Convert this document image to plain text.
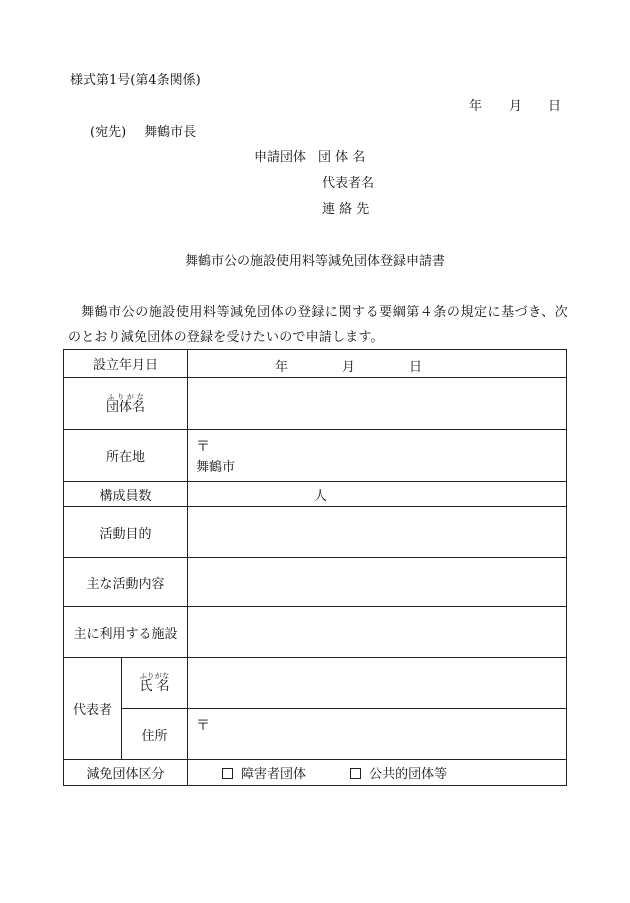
様式第1号(第4条関係)
年 月 日
(宛先) 舞鶴市長
申請団体 団 体 名
代表者名
連 絡 先
舞鶴市公の施設使用料等減免団体登録申請書
舞鶴市公の施設使用料等減免団体の登録に関する要綱第４条の規定に基づき、次のとおり減免団体の登録を受けたいので申請します。
設立年月日		年 月 日

団体名ふりがな			
所在地		〒
舞鶴市
構成員数		人
活動目的		
主な活動内容		
主に利用する施設		
代表者	氏 名ふりがな		
	住所	〒

減免団体区分		障害者団体 公共的団体等
